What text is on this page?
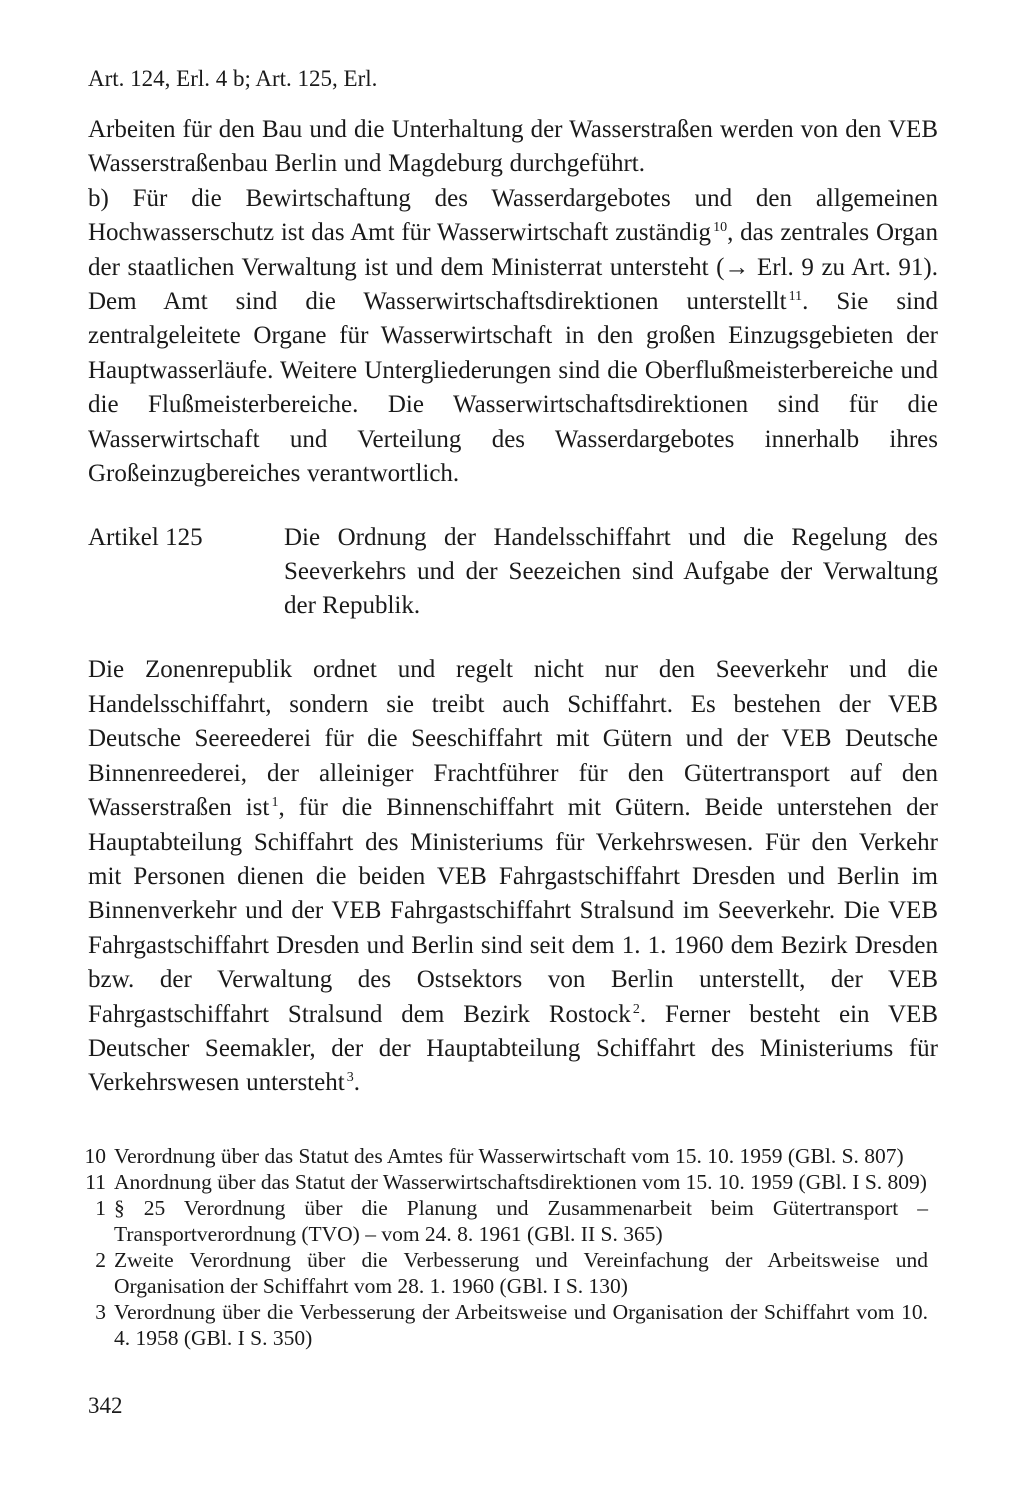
Art. 124, Erl. 4 b; Art. 125, Erl.

Arbeiten für den Bau und die Unterhaltung der Wasserstraßen werden von den VEB Wasserstraßenbau Berlin und Magdeburg durchgeführt.

b) Für die Bewirtschaftung des Wasserdargebotes und den allgemeinen Hochwasserschutz ist das Amt für Wasserwirtschaft zuständig  $^{10}$, das zentrales Organ der staatlichen Verwaltung ist und dem Ministerrat untersteht (→ Erl. 9 zu Art. 91). Dem Amt sind die Wasserwirtschaftsdirektionen unterstellt  $^{11}$. Sie sind zentralgeleitete Organe für Wasserwirtschaft in den großen Einzugsgebieten der Hauptwasserläufe. Weitere Untergliederungen sind die Oberflußmeisterbereiche und die Flußmeisterbereiche. Die Wasserwirtschaftsdirektionen sind für die Wasserwirtschaft und Verteilung des Wasserdargebotes innerhalb ihres Großeinzugbereiches verantwortlich.

Artikel 125	Die Ordnung der Handelsschiffahrt und die Regelung des Seeverkehrs und der Seezeichen sind Aufgabe der Verwaltung der Republik.

Die Zonenrepublik ordnet und regelt nicht nur den Seeverkehr und die Handelsschiffahrt, sondern sie treibt auch Schiffahrt. Es bestehen der VEB Deutsche Seereederei für die Seeschiffahrt mit Gütern und der VEB Deutsche Binnenreederei, der alleiniger Frachtführer für den Gütertransport auf den Wasserstraßen ist  $^1$, für die Binnenschiffahrt mit Gütern. Beide unterstehen der Hauptabteilung Schiffahrt des Ministeriums für Verkehrswesen. Für den Verkehr mit Personen dienen die beiden VEB Fahrgastschiffahrt Dresden und Berlin im Binnenverkehr und der VEB Fahrgastschiffahrt Stralsund im Seeverkehr. Die VEB Fahrgastschiffahrt Dresden und Berlin sind seit dem 1. 1. 1960 dem Bezirk Dresden bzw. der Verwaltung des Ostsektors von Berlin unterstellt, der VEB Fahrgastschiffahrt Stralsund dem Bezirk Rostock  $^2$. Ferner besteht ein VEB Deutscher Seemakler, der der Hauptabteilung Schiffahrt des Ministeriums für Verkehrswesen untersteht  $^3$.

10 Verordnung über das Statut des Amtes für Wasserwirtschaft vom 15. 10. 1959 (GBl. S. 807)
11 Anordnung über das Statut der Wasserwirtschaftsdirektionen vom 15. 10. 1959 (GBl. I S. 809)
1 § 25 Verordnung über die Planung und Zusammenarbeit beim Gütertransport – Transportverordnung (TVO) – vom 24. 8. 1961 (GBl. II S. 365)
2 Zweite Verordnung über die Verbesserung und Vereinfachung der Arbeitsweise und Organisation der Schiffahrt vom 28. 1. 1960 (GBl. I S. 130)
3 Verordnung über die Verbesserung der Arbeitsweise und Organisation der Schiffahrt vom 10. 4. 1958 (GBl. I S. 350)
342
